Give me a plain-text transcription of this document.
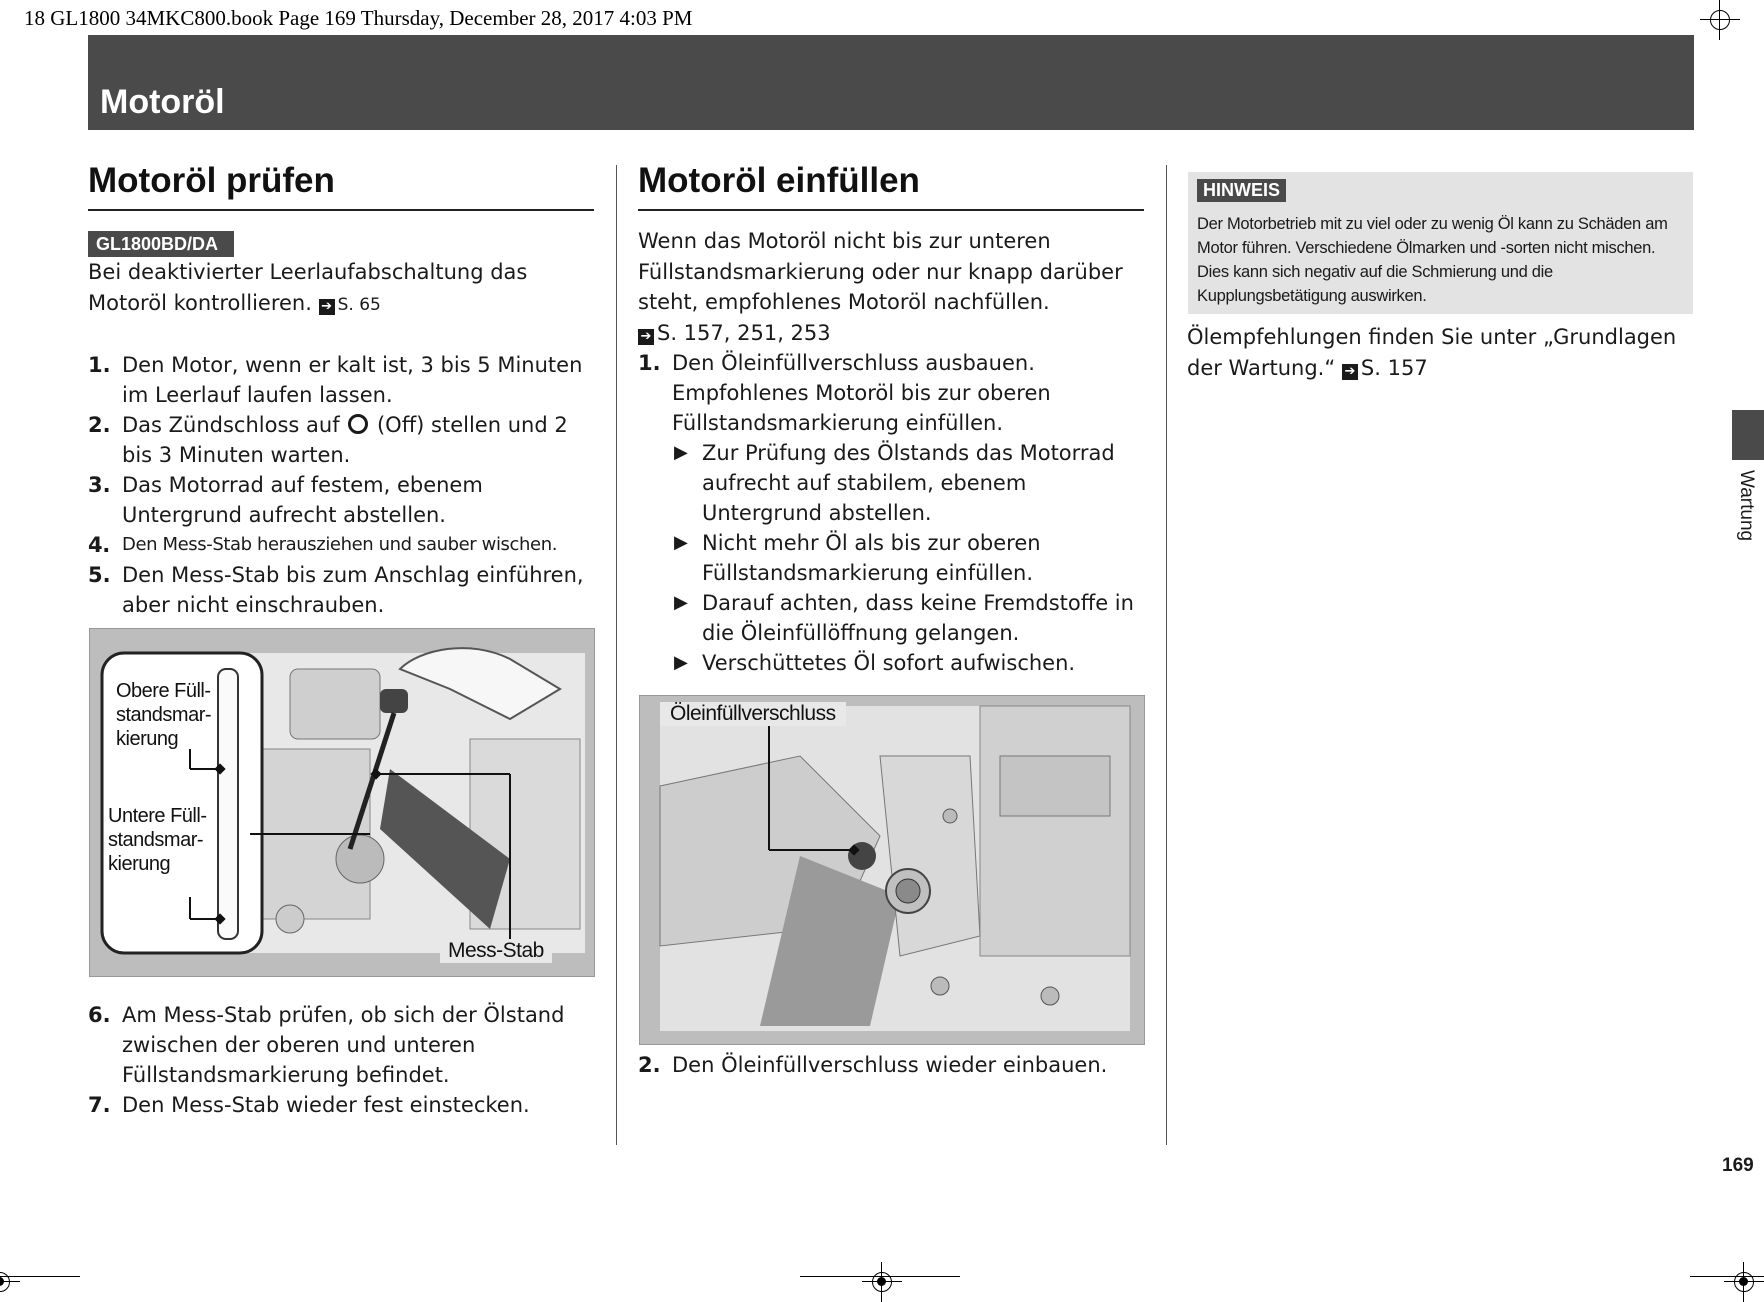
18 GL1800 34MKC800.book Page 169 Thursday, December 28, 2017 4:03 PM
Motoröl
Motoröl prüfen
GL1800BD/DA

Bei deaktivierter Leerlaufabschaltung das
Motoröl kontrollieren. ➔ S. 65

1. Den Motor, wenn er kalt ist, 3 bis 5 Minuten im Leerlauf laufen lassen.
2. Das Zündschloss auf (Off) stellen und 2 bis 3 Minuten warten.
3. Das Motorrad auf festem, ebenem Untergrund aufrecht abstellen.
4. Den Mess-Stab herausziehen und sauber wischen.
5. Den Mess-Stab bis zum Anschlag einführen, aber nicht einschrauben.
Obere Füll-
standsmar-
kierung
Untere Füll-
standsmar-
kierung
Mess-Stab
6. Am Mess-Stab prüfen, ob sich der Ölstand zwischen der oberen und unteren Füllstandsmarkierung befindet.
7. Den Mess-Stab wieder fest einstecken.
Motoröl einfüllen

Wenn das Motoröl nicht bis zur unteren Füllstandsmarkierung oder nur knapp darüber steht, empfohlenes Motoröl nachfüllen.
➔ S. 157, 251, 253

1. Den Öleinfüllverschluss ausbauen.
Empfohlenes Motoröl bis zur oberen Füllstandsmarkierung einfüllen.
▶ Zur Prüfung des Ölstands das Motorrad aufrecht auf stabilem, ebenem Untergrund abstellen.
▶ Nicht mehr Öl als bis zur oberen Füllstandsmarkierung einfüllen.
▶ Darauf achten, dass keine Fremdstoffe in die Öleinfüllöffnung gelangen.
▶ Verschüttetes Öl sofort aufwischen.
Öleinfüllverschluss
2. Den Öleinfüllverschluss wieder einbauen.
HINWEIS
Der Motorbetrieb mit zu viel oder zu wenig Öl kann zu Schäden am Motor führen. Verschiedene Ölmarken und -sorten nicht mischen. Dies kann sich negativ auf die Schmierung und die Kupplungsbetätigung auswirken.

Ölempfehlungen finden Sie unter „Grundlagen der Wartung.“ ➔ S. 157

Wartung
169
